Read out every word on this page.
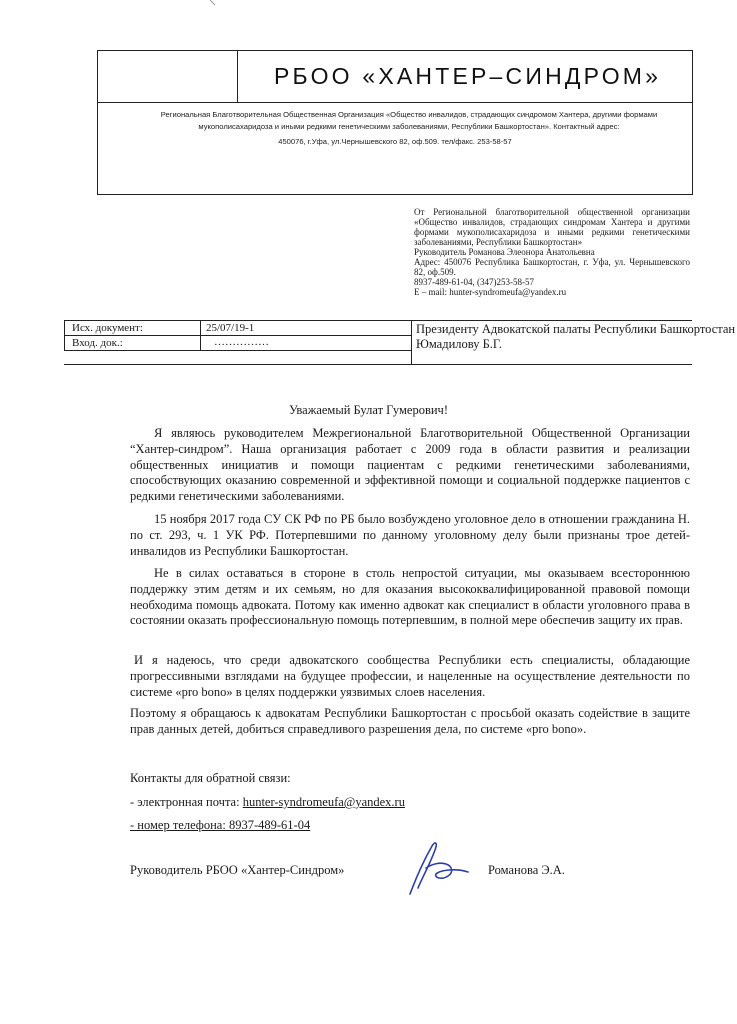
РБОО «ХАНТЕР–СИНДРОМ»
Региональная Благотворительная Общественная Организация «Общество инвалидов, страдающих синдромом Хантера, другими формами мукополисахаридоза и иными редкими генетическими заболеваниями, Республики Башкортостан». Контактный адрес:
450076, г.Уфа, ул.Чернышевского 82, оф.509. тел/факс. 253-58-57
От Региональной благотворительной общественной организации «Общество инвалидов, страдающих синдромам Хантера и другими формами мукополисахаридоза и иными редкими генетическими заболеваниями, Республики Башкортостан»
Руководитель Романова Элеонора Анатольевна
Адрес: 450076 Республика Башкортостан, г. Уфа, ул. Чернышевского 82, оф.509.
8937-489-61-04, (347)253-58-57
E – mail: hunter-syndromeufa@yandex.ru
Исх. документ:	25/07/19-1
Вход. док.:	……………
Президенту Адвокатской палаты Республики Башкортостан
Юмадилову Б.Г.
Уважаемый Булат Гумерович!
Я являюсь руководителем Межрегиональной Благотворительной Общественной Организации “Хантер-синдром”. Наша организация работает с 2009 года в области развития и реализации общественных инициатив и помощи пациентам с редкими генетическими заболеваниями, способствующих оказанию современной и эффективной помощи и социальной поддержке пациентов с редкими генетическими заболеваниями.
15 ноября 2017 года СУ СК РФ по РБ было возбуждено уголовное дело в отношении гражданина Н. по ст. 293, ч. 1 УК РФ. Потерпевшими по данному уголовному делу были признаны трое детей-инвалидов из Республики Башкортостан.
Не в силах оставаться в стороне в столь непростой ситуации, мы оказываем всестороннюю поддержку этим детям и их семьям, но для оказания высококвалифицированной правовой помощи необходима помощь адвоката. Потому как именно адвокат как специалист в области уголовного права в состоянии оказать профессиональную помощь потерпевшим, в полной мере обеспечив защиту их прав.
И я надеюсь, что среди адвокатского сообщества Республики есть специалисты, обладающие прогрессивными взглядами на будущее профессии, и нацеленные на осуществление деятельности по системе «pro bono» в целях поддержки уязвимых слоев населения.
Поэтому я обращаюсь к адвокатам Республики Башкортостан с просьбой оказать содействие в защите прав данных детей, добиться справедливого разрешения дела, по системе «pro bono».
Контакты для обратной связи:
- электронная почта: hunter-syndromeufa@yandex.ru
- номер телефона: 8937-489-61-04
Руководитель РБОО «Хантер-Синдром»	Романова Э.А.
